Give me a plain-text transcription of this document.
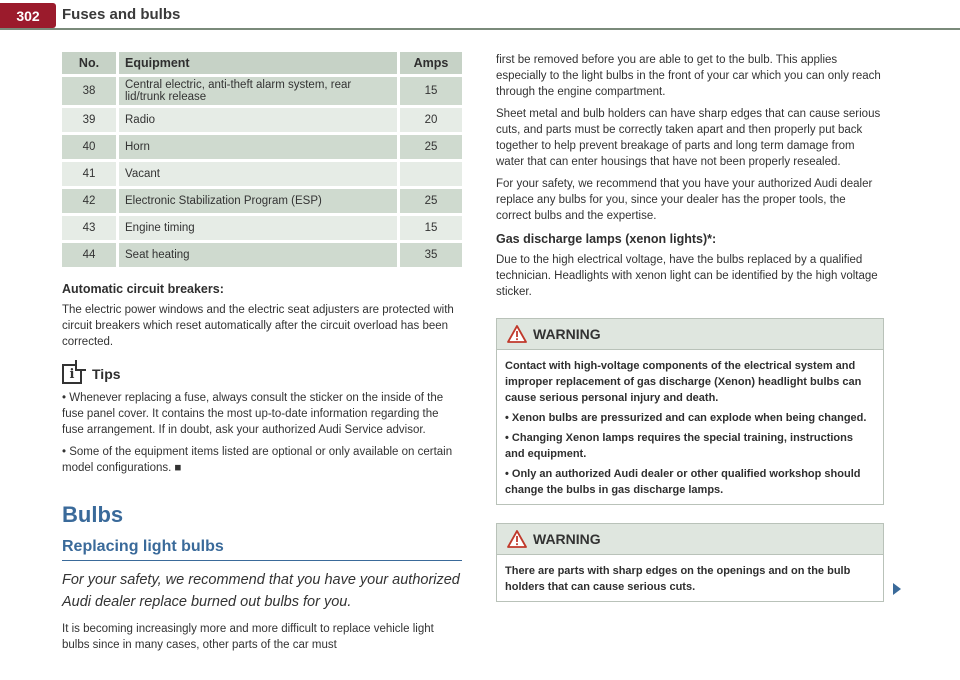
302	Fuses and bulbs
No.	Equipment	Amps
38	Central electric, anti-theft alarm system, rear lid/trunk release	15
39	Radio	20
40	Horn	25
41	Vacant	
42	Electronic Stabilization Program (ESP)	25
43	Engine timing	15
44	Seat heating	35
Automatic circuit breakers:

The electric power windows and the electric seat adjusters are protected with circuit breakers which reset automatically after the circuit overload has been corrected.

i	Tips

• Whenever replacing a fuse, always consult the sticker on the inside of the fuse panel cover. It contains the most up-to-date information regarding the fuse arrangement. If in doubt, ask your authorized Audi Service advisor.

• Some of the equipment items listed are optional or only available on certain model configurations. ■

Bulbs
Replacing light bulbs
For your safety, we recommend that you have your authorized Audi dealer replace burned out bulbs for you.

It is becoming increasingly more and more difficult to replace vehicle light bulbs since in many cases, other parts of the car must

first be removed before you are able to get to the bulb. This applies especially to the light bulbs in the front of your car which you can only reach through the engine compartment.

Sheet metal and bulb holders can have sharp edges that can cause serious cuts, and parts must be correctly taken apart and then properly put back together to help prevent breakage of parts and long term damage from water that can enter housings that have not been properly resealed.

For your safety, we recommend that you have your authorized Audi dealer replace any bulbs for you, since your dealer has the proper tools, the correct bulbs and the expertise.

Gas discharge lamps (xenon lights)*:

Due to the high electrical voltage, have the bulbs replaced by a qualified technician. Headlights with xenon light can be identified by the high voltage sticker.

WARNING

Contact with high-voltage components of the electrical system and improper replacement of gas discharge (Xenon) headlight bulbs can cause serious personal injury and death.

• Xenon bulbs are pressurized and can explode when being changed.

• Changing Xenon lamps requires the special training, instructions and equipment.

• Only an authorized Audi dealer or other qualified workshop should change the bulbs in gas discharge lamps.

WARNING

There are parts with sharp edges on the openings and on the bulb holders that can cause serious cuts.
